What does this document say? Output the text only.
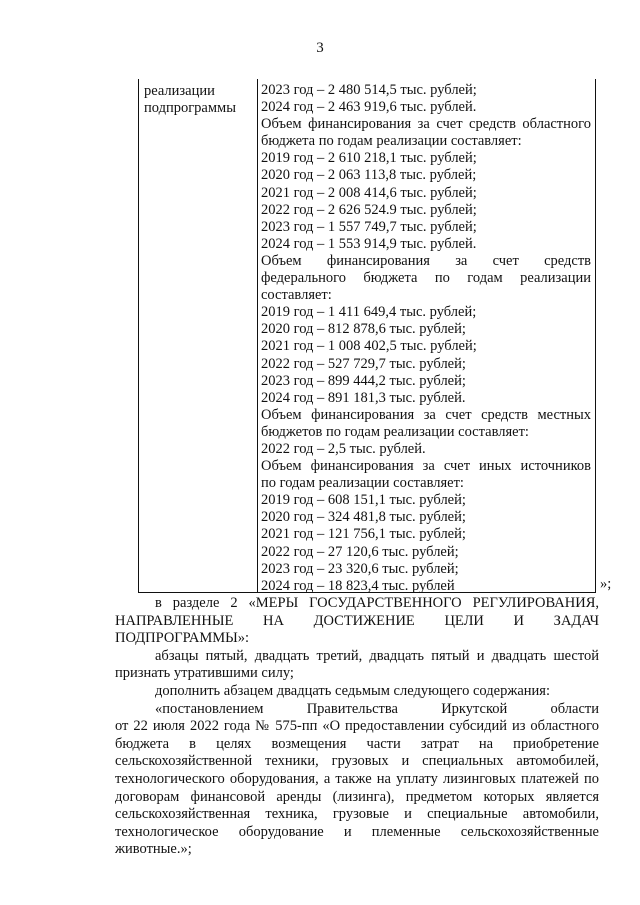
3
реализации
подпрограммы
2023 год – 2 480 514,5 тыс. рублей;
2024 год – 2 463 919,6 тыс. рублей.
Объем финансирования за счет средств областного
бюджета по годам реализации составляет:
2019 год – 2 610 218,1 тыс. рублей;
2020 год – 2 063 113,8 тыс. рублей;
2021 год – 2 008 414,6 тыс. рублей;
2022 год – 2 626 524.9 тыс. рублей;
2023 год – 1 557 749,7 тыс. рублей;
2024 год – 1 553 914,9 тыс. рублей.
Объем финансирования за счет средств
федерального бюджета по годам реализации
составляет:
2019 год – 1 411 649,4 тыс. рублей;
2020 год – 812 878,6 тыс. рублей;
2021 год – 1 008 402,5 тыс. рублей;
2022 год – 527 729,7 тыс. рублей;
2023 год – 899 444,2 тыс. рублей;
2024 год – 891 181,3 тыс. рублей.
Объем финансирования за счет средств местных
бюджетов по годам реализации составляет:
2022 год – 2,5 тыс. рублей.
Объем финансирования за счет иных источников
по годам реализации составляет:
2019 год – 608 151,1 тыс. рублей;
2020 год – 324 481,8 тыс. рублей;
2021 год – 121 756,1 тыс. рублей;
2022 год – 27 120,6 тыс. рублей;
2023 год – 23 320,6 тыс. рублей;
2024 год – 18 823,4 тыс. рублей	»;
в разделе 2 «МЕРЫ ГОСУДАРСТВЕННОГО РЕГУЛИРОВАНИЯ,
НАПРАВЛЕННЫЕ НА ДОСТИЖЕНИЕ ЦЕЛИ И ЗАДАЧ
ПОДПРОГРАММЫ»:
абзацы пятый, двадцать третий, двадцать пятый и двадцать шестой
признать утратившими силу;
дополнить абзацем двадцать седьмым следующего содержания:
«постановлением Правительства Иркутской области
от 22 июля 2022 года № 575-пп «О предоставлении субсидий из областного
бюджета в целях возмещения части затрат на приобретение
сельскохозяйственной техники, грузовых и специальных автомобилей,
технологического оборудования, а также на уплату лизинговых платежей по
договорам финансовой аренды (лизинга), предметом которых является
сельскохозяйственная техника, грузовые и специальные автомобили,
технологическое оборудование и племенные сельскохозяйственные
животные.»;
